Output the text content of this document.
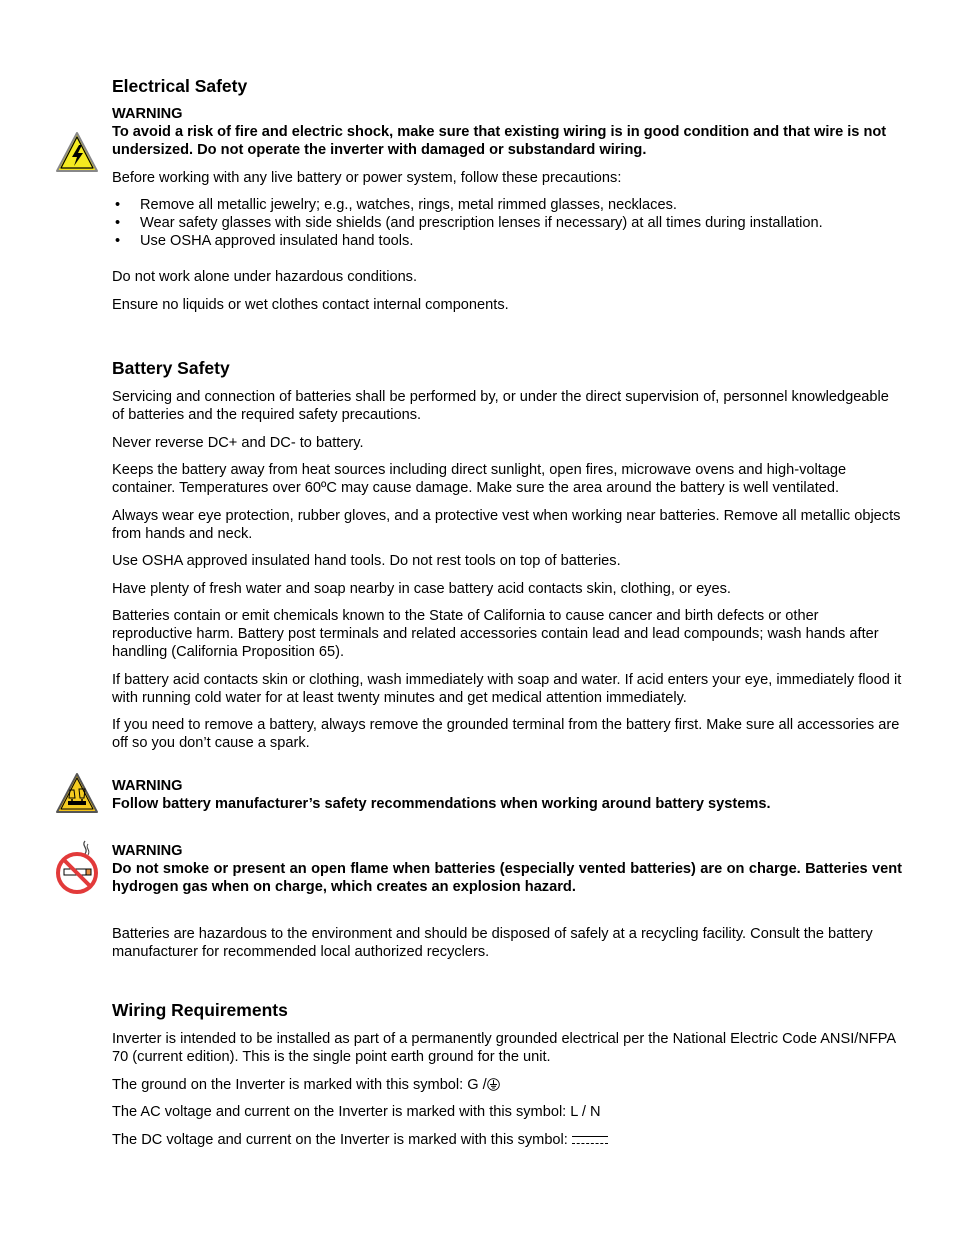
Electrical Safety
WARNING
To avoid a risk of fire and electric shock, make sure that existing wiring is in good condition and that wire is not undersized. Do not operate the inverter with damaged or substandard wiring.

Before working with any live battery or power system, follow these precautions:

• Remove all metallic jewelry; e.g., watches, rings, metal rimmed glasses, necklaces.
• Wear safety glasses with side shields (and prescription lenses if necessary) at all times during installation.
• Use OSHA approved insulated hand tools.

Do not work alone under hazardous conditions.

Ensure no liquids or wet clothes contact internal components.

Battery Safety

Servicing and connection of batteries shall be performed by, or under the direct supervision of, personnel knowledgeable of batteries and the required safety precautions.

Never reverse DC+ and DC- to battery.

Keeps the battery away from heat sources including direct sunlight, open fires, microwave ovens and high-voltage container. Temperatures over 60ºC may cause damage. Make sure the area around the battery is well ventilated.

Always wear eye protection, rubber gloves, and a protective vest when working near batteries. Remove all metallic objects from hands and neck.

Use OSHA approved insulated hand tools. Do not rest tools on top of batteries.

Have plenty of fresh water and soap nearby in case battery acid contacts skin, clothing, or eyes.

Batteries contain or emit chemicals known to the State of California to cause cancer and birth defects or other reproductive harm. Battery post terminals and related accessories contain lead and lead compounds; wash hands after handling (California Proposition 65).

If battery acid contacts skin or clothing, wash immediately with soap and water. If acid enters your eye, immediately flood it with running cold water for at least twenty minutes and get medical attention immediately.

If you need to remove a battery, always remove the grounded terminal from the battery first. Make sure all accessories are off so you don’t cause a spark.

WARNING
Follow battery manufacturer’s safety recommendations when working around battery systems.
WARNING
Do not smoke or present an open flame when batteries (especially vented batteries) are on charge. Batteries vent hydrogen gas when on charge, which creates an explosion hazard.

Batteries are hazardous to the environment and should be disposed of safely at a recycling facility. Consult the battery manufacturer for recommended local authorized recyclers.

Wiring Requirements

Inverter is intended to be installed as part of a permanently grounded electrical per the National Electric Code ANSI/NFPA 70 (current edition). This is the single point earth ground for the unit.

The ground on the Inverter is marked with this symbol: G /

The AC voltage and current on the Inverter is marked with this symbol: L / N

The DC voltage and current on the Inverter is marked with this symbol:
